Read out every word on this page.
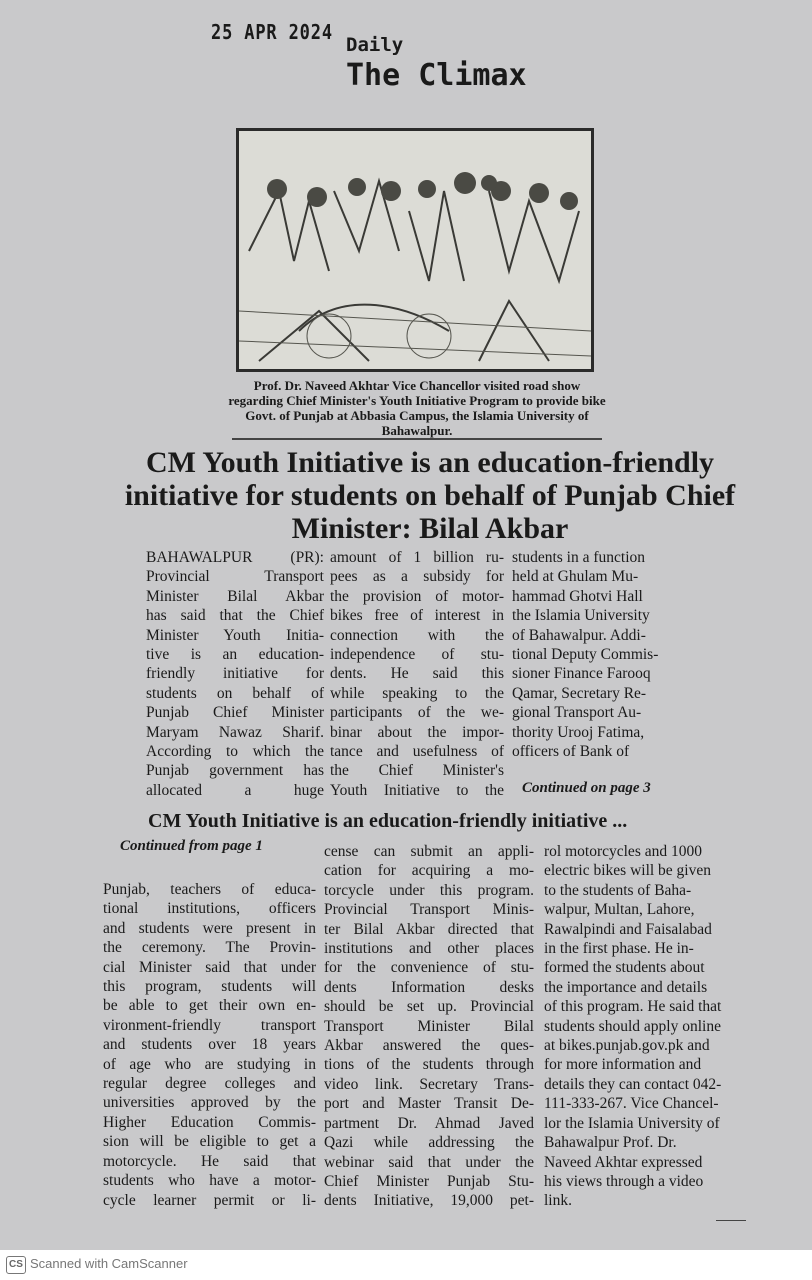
25 APR 2024
Daily
The Climax
Prof. Dr. Naveed Akhtar Vice Chancellor visited road show regarding Chief Minister's Youth Initiative Program to provide bike Govt. of Punjab at Abbasia Campus, the Islamia University of Bahawalpur.
CM Youth Initiative is an education-friendly initiative for students on behalf of Punjab Chief Minister: Bilal Akbar
BAHAWALPUR (PR):
Provincial Transport
Minister Bilal Akbar
has said that the Chief
Minister Youth Initia-
tive is an education-
friendly initiative for
students on behalf of
Punjab Chief Minister
Maryam Nawaz Sharif.
According to which the
Punjab government has
allocated a huge
amount of 1 billion ru-
pees as a subsidy for
the provision of motor-
bikes free of interest in
connection with the
independence of stu-
dents. He said this
while speaking to the
participants of the we-
binar about the impor-
tance and usefulness of
the Chief Minister's
Youth Initiative to the
students in a function
held at Ghulam Mu-
hammad Ghotvi Hall
the Islamia University
of Bahawalpur. Addi-
tional Deputy Commis-
sioner Finance Farooq
Qamar, Secretary Re-
gional Transport Au-
thority Urooj Fatima,
officers of Bank of
Continued on page 3
CM Youth Initiative is an education-friendly initiative ...
Continued from page 1
Punjab, teachers of educa-
tional institutions, officers
and students were present in
the ceremony. The Provin-
cial Minister said that under
this program, students will
be able to get their own en-
vironment-friendly transport
and students over 18 years
of age who are studying in
regular degree colleges and
universities approved by the
Higher Education Commis-
sion will be eligible to get a
motorcycle. He said that
students who have a motor-
cycle learner permit or li-
cense can submit an appli-
cation for acquiring a mo-
torcycle under this program.
Provincial Transport Minis-
ter Bilal Akbar directed that
institutions and other places
for the convenience of stu-
dents Information desks
should be set up. Provincial
Transport Minister Bilal
Akbar answered the ques-
tions of the students through
video link. Secretary Trans-
port and Master Transit De-
partment Dr. Ahmad Javed
Qazi while addressing the
webinar said that under the
Chief Minister Punjab Stu-
dents Initiative, 19,000 pet-
rol motorcycles and 1000
electric bikes will be given
to the students of Baha-
walpur, Multan, Lahore,
Rawalpindi and Faisalabad
in the first phase. He in-
formed the students about
the importance and details
of this program. He said that
students should apply online
at bikes.punjab.gov.pk and
for more information and
details they can contact 042-
111-333-267. Vice Chancel-
lor the Islamia University of
Bahawalpur Prof. Dr.
Naveed Akhtar expressed
his views through a video
link.
CS Scanned with CamScanner
